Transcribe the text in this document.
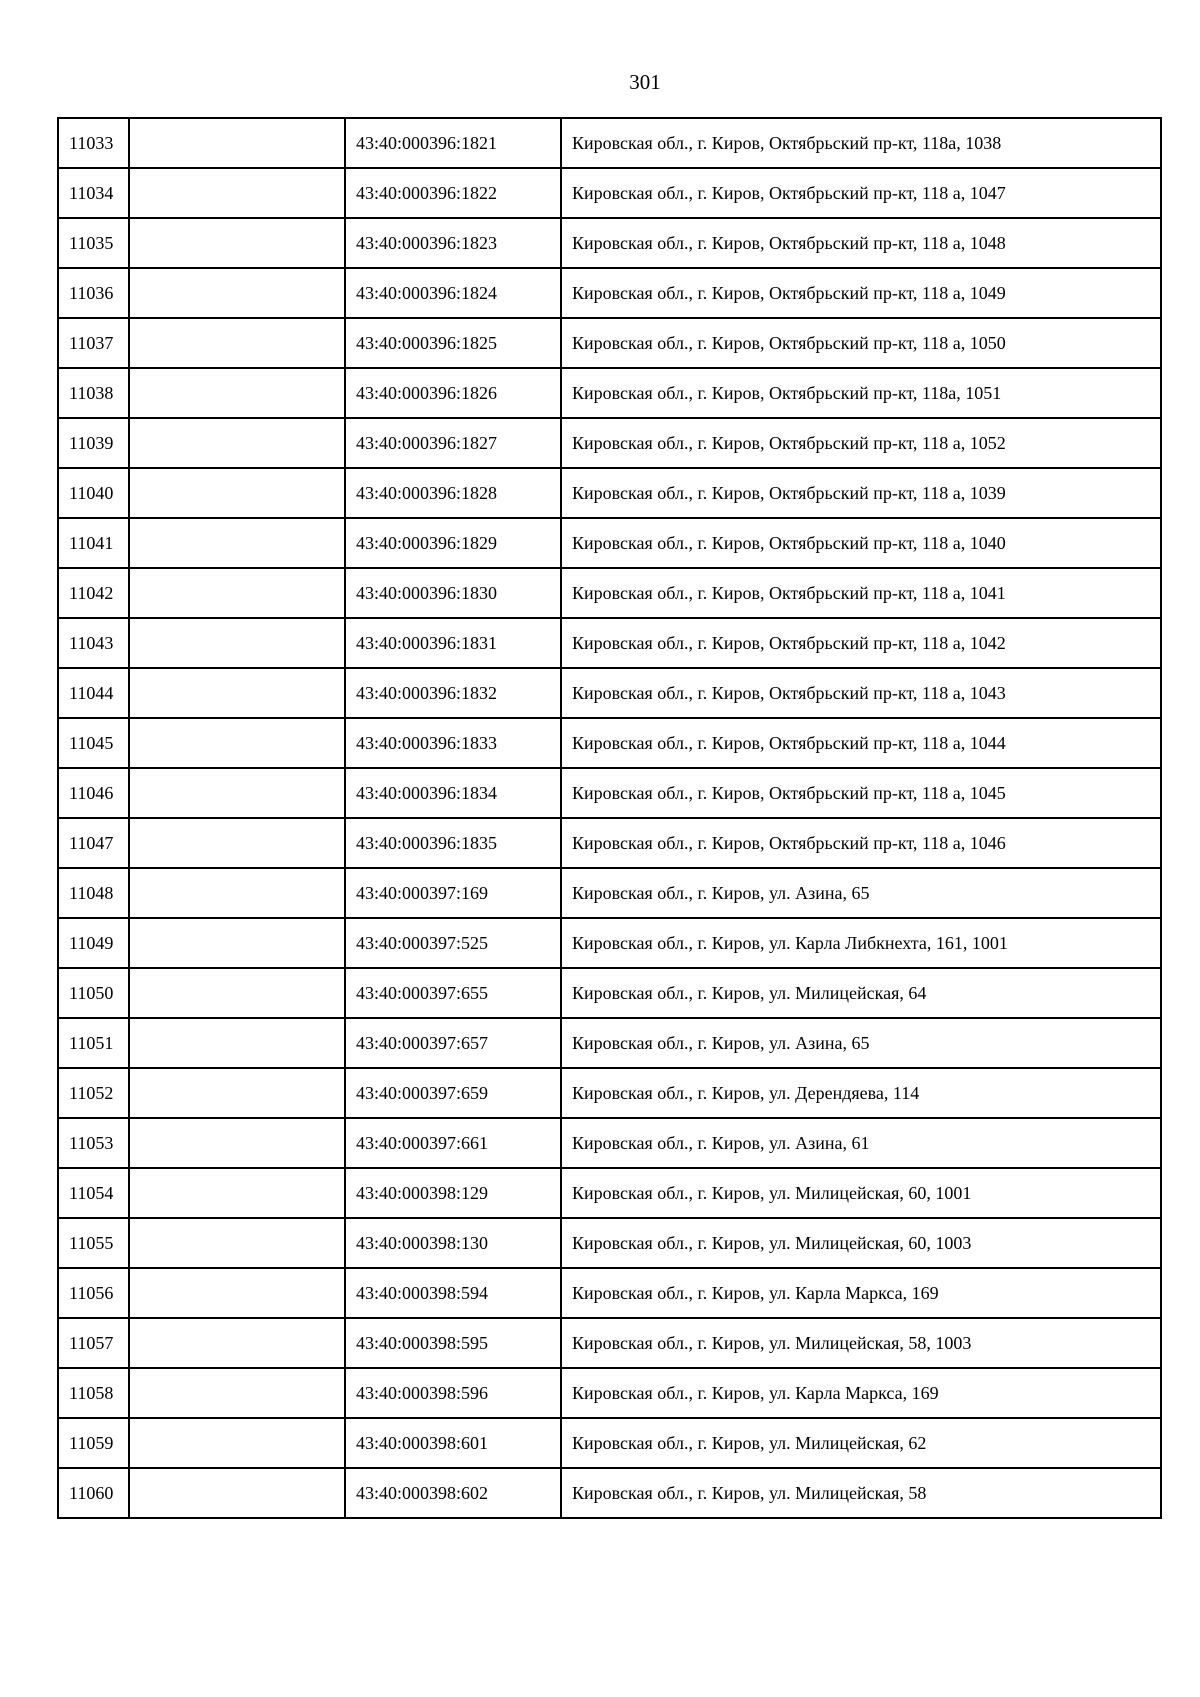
301
11033		43:40:000396:1821	Кировская обл., г. Киров, Октябрьский пр-кт, 118а, 1038
11034		43:40:000396:1822	Кировская обл., г. Киров, Октябрьский пр-кт, 118 а, 1047
11035		43:40:000396:1823	Кировская обл., г. Киров, Октябрьский пр-кт, 118 а, 1048
11036		43:40:000396:1824	Кировская обл., г. Киров, Октябрьский пр-кт, 118 а, 1049
11037		43:40:000396:1825	Кировская обл., г. Киров, Октябрьский пр-кт, 118 а, 1050
11038		43:40:000396:1826	Кировская обл., г. Киров, Октябрьский пр-кт, 118а, 1051
11039		43:40:000396:1827	Кировская обл., г. Киров, Октябрьский пр-кт, 118 а, 1052
11040		43:40:000396:1828	Кировская обл., г. Киров, Октябрьский пр-кт, 118 а, 1039
11041		43:40:000396:1829	Кировская обл., г. Киров, Октябрьский пр-кт, 118 а, 1040
11042		43:40:000396:1830	Кировская обл., г. Киров, Октябрьский пр-кт, 118 а, 1041
11043		43:40:000396:1831	Кировская обл., г. Киров, Октябрьский пр-кт, 118 а, 1042
11044		43:40:000396:1832	Кировская обл., г. Киров, Октябрьский пр-кт, 118 а, 1043
11045		43:40:000396:1833	Кировская обл., г. Киров, Октябрьский пр-кт, 118 а, 1044
11046		43:40:000396:1834	Кировская обл., г. Киров, Октябрьский пр-кт, 118 а, 1045
11047		43:40:000396:1835	Кировская обл., г. Киров, Октябрьский пр-кт, 118 а, 1046
11048		43:40:000397:169	Кировская обл., г. Киров, ул. Азина, 65
11049		43:40:000397:525	Кировская обл., г. Киров, ул. Карла Либкнехта, 161, 1001
11050		43:40:000397:655	Кировская обл., г. Киров, ул. Милицейская, 64
11051		43:40:000397:657	Кировская обл., г. Киров, ул. Азина, 65
11052		43:40:000397:659	Кировская обл., г. Киров, ул. Дерендяева, 114
11053		43:40:000397:661	Кировская обл., г. Киров, ул. Азина, 61
11054		43:40:000398:129	Кировская обл., г. Киров, ул. Милицейская, 60, 1001
11055		43:40:000398:130	Кировская обл., г. Киров, ул. Милицейская, 60, 1003
11056		43:40:000398:594	Кировская обл., г. Киров, ул. Карла Маркса, 169
11057		43:40:000398:595	Кировская обл., г. Киров, ул. Милицейская, 58, 1003
11058		43:40:000398:596	Кировская обл., г. Киров, ул. Карла Маркса, 169
11059		43:40:000398:601	Кировская обл., г. Киров, ул. Милицейская, 62
11060		43:40:000398:602	Кировская обл., г. Киров, ул. Милицейская, 58
